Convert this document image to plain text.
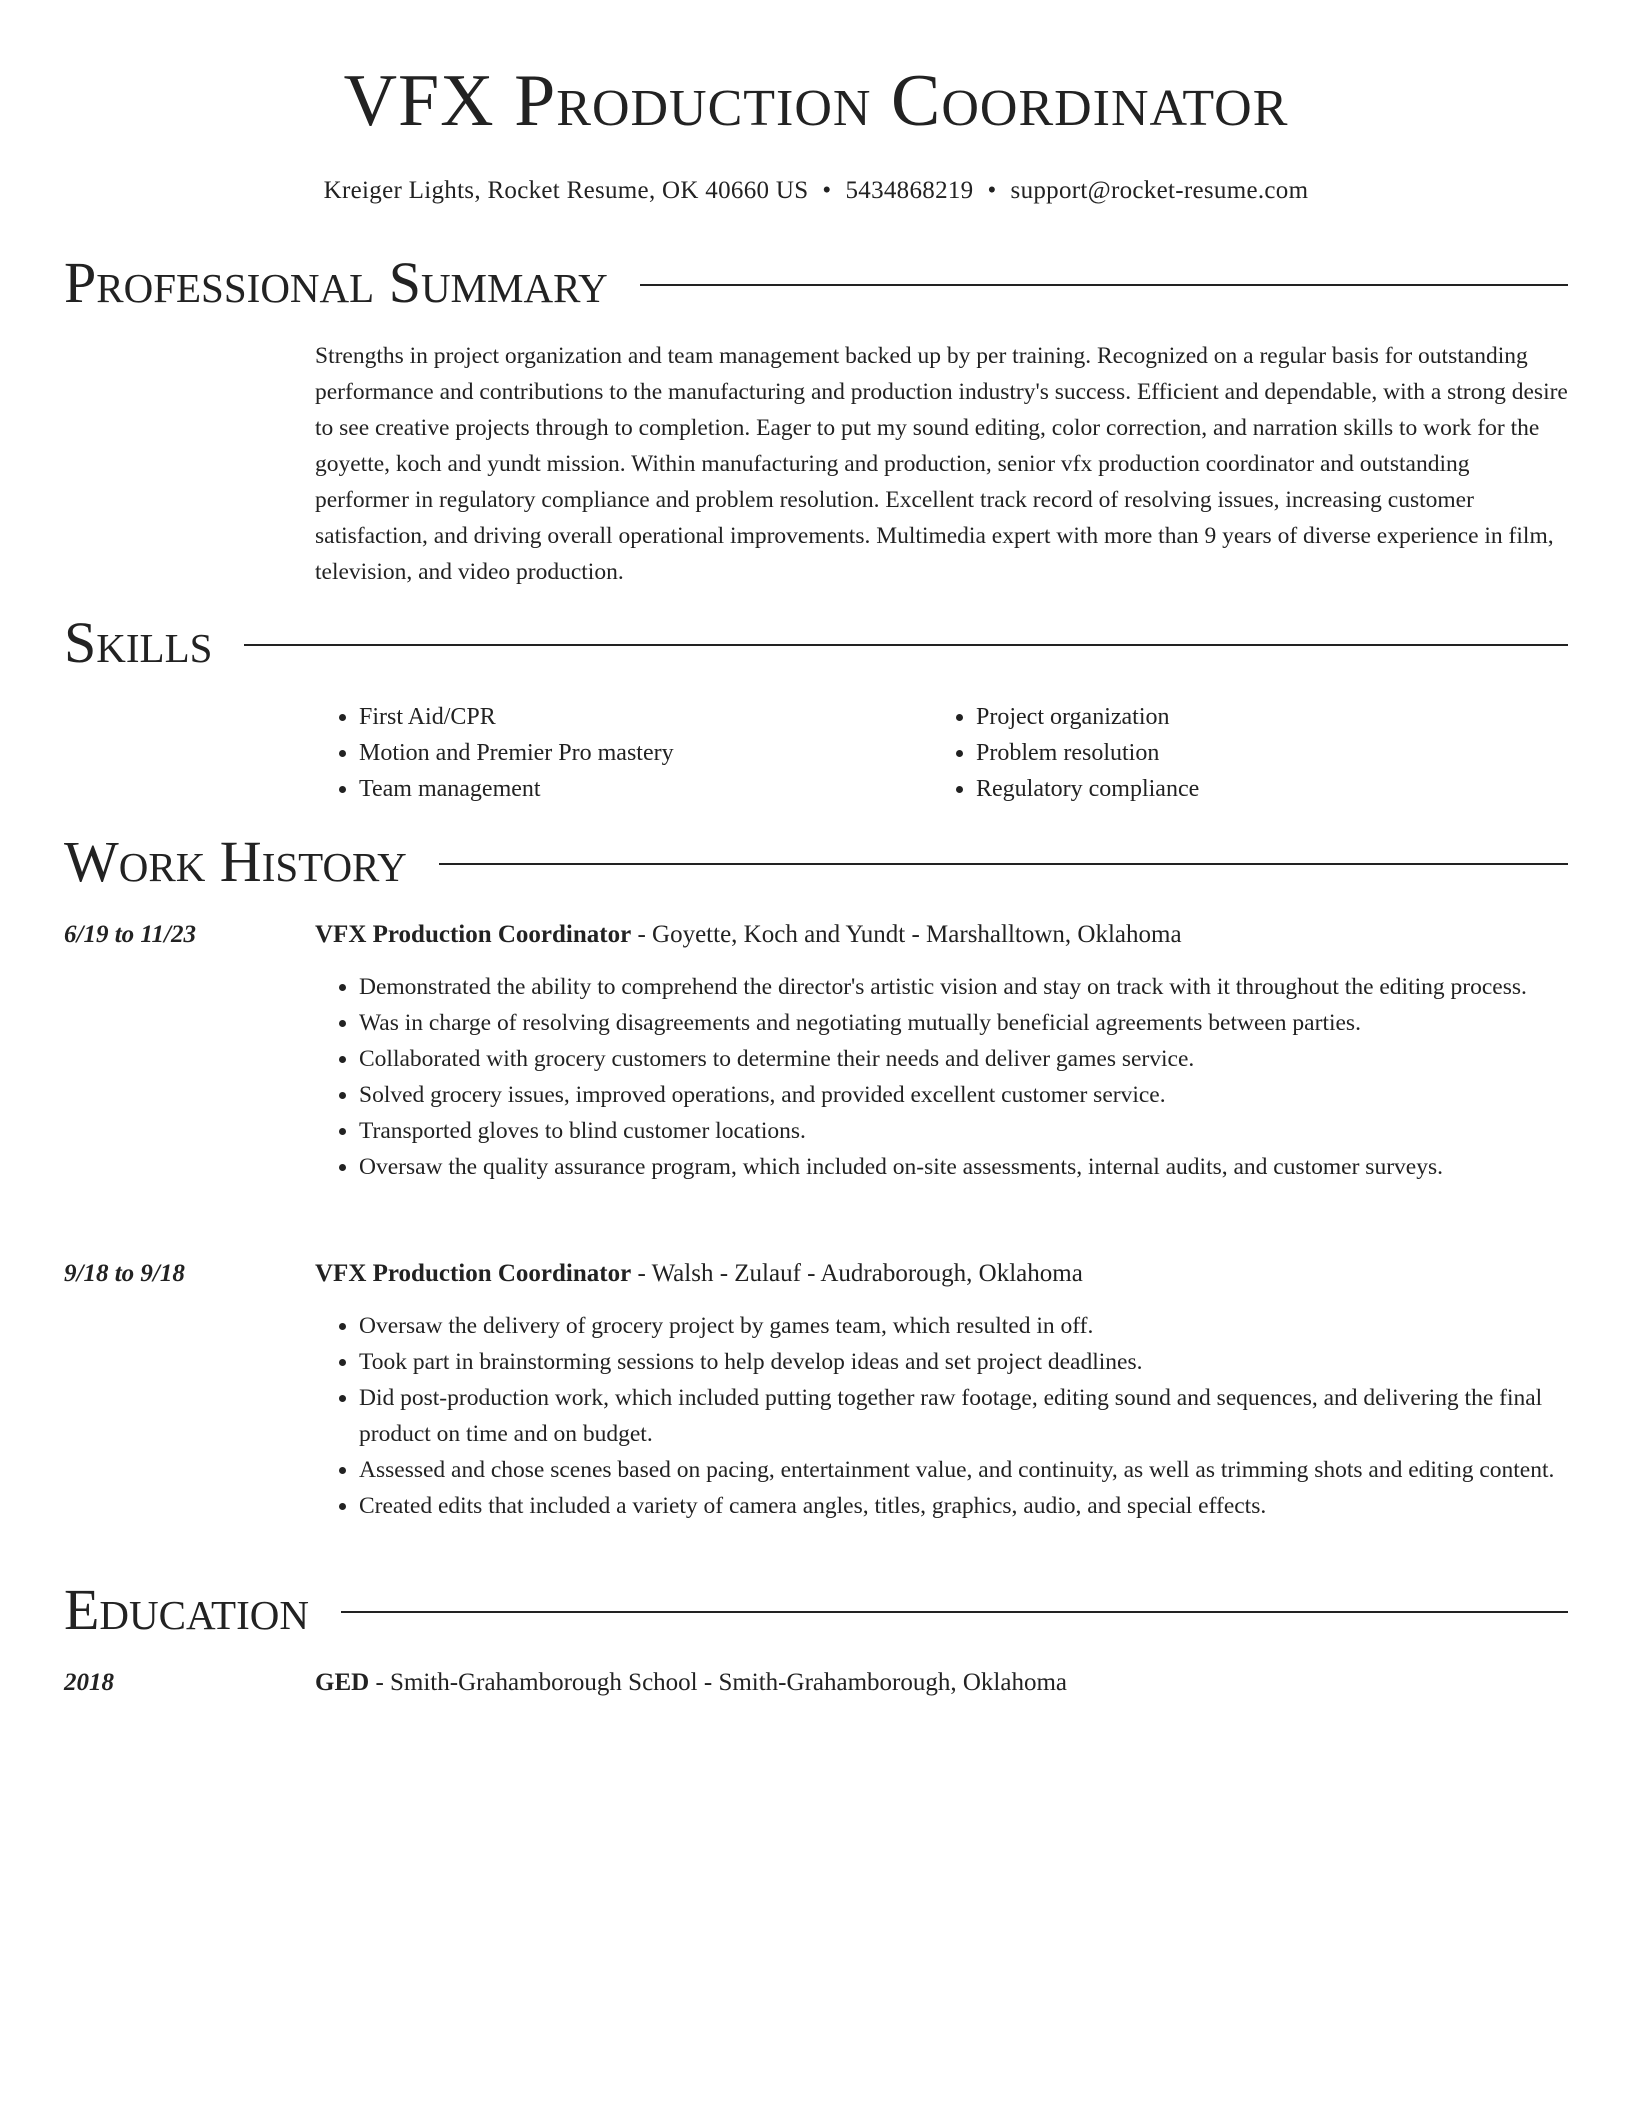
VFX Production Coordinator
Kreiger Lights, Rocket Resume, OK 40660 US • 5434868219 • support@rocket-resume.com
Professional Summary

Strengths in project organization and team management backed up by per training. Recognized on a regular basis for outstanding performance and contributions to the manufacturing and production industry's success. Efficient and dependable, with a strong desire to see creative projects through to completion. Eager to put my sound editing, color correction, and narration skills to work for the goyette, koch and yundt mission. Within manufacturing and production, senior vfx production coordinator and outstanding performer in regulatory compliance and problem resolution. Excellent track record of resolving issues, increasing customer satisfaction, and driving overall operational improvements. Multimedia expert with more than 9 years of diverse experience in film, television, and video production.

Skills
• First Aid/CPR
• Motion and Premier Pro mastery
• Team management
• Project organization
• Problem resolution
• Regulatory compliance
Work History
6/19 to 11/23	VFX Production Coordinator - Goyette, Koch and Yundt - Marshalltown, Oklahoma
• Demonstrated the ability to comprehend the director's artistic vision and stay on track with it throughout the editing process.
• Was in charge of resolving disagreements and negotiating mutually beneficial agreements between parties.
• Collaborated with grocery customers to determine their needs and deliver games service.
• Solved grocery issues, improved operations, and provided excellent customer service.
• Transported gloves to blind customer locations.
• Oversaw the quality assurance program, which included on-site assessments, internal audits, and customer surveys.
9/18 to 9/18	VFX Production Coordinator - Walsh - Zulauf - Audraborough, Oklahoma
• Oversaw the delivery of grocery project by games team, which resulted in off.
• Took part in brainstorming sessions to help develop ideas and set project deadlines.
• Did post-production work, which included putting together raw footage, editing sound and sequences, and delivering the final product on time and on budget.
• Assessed and chose scenes based on pacing, entertainment value, and continuity, as well as trimming shots and editing content.
• Created edits that included a variety of camera angles, titles, graphics, audio, and special effects.
Education
2018	GED - Smith-Grahamborough School - Smith-Grahamborough, Oklahoma
